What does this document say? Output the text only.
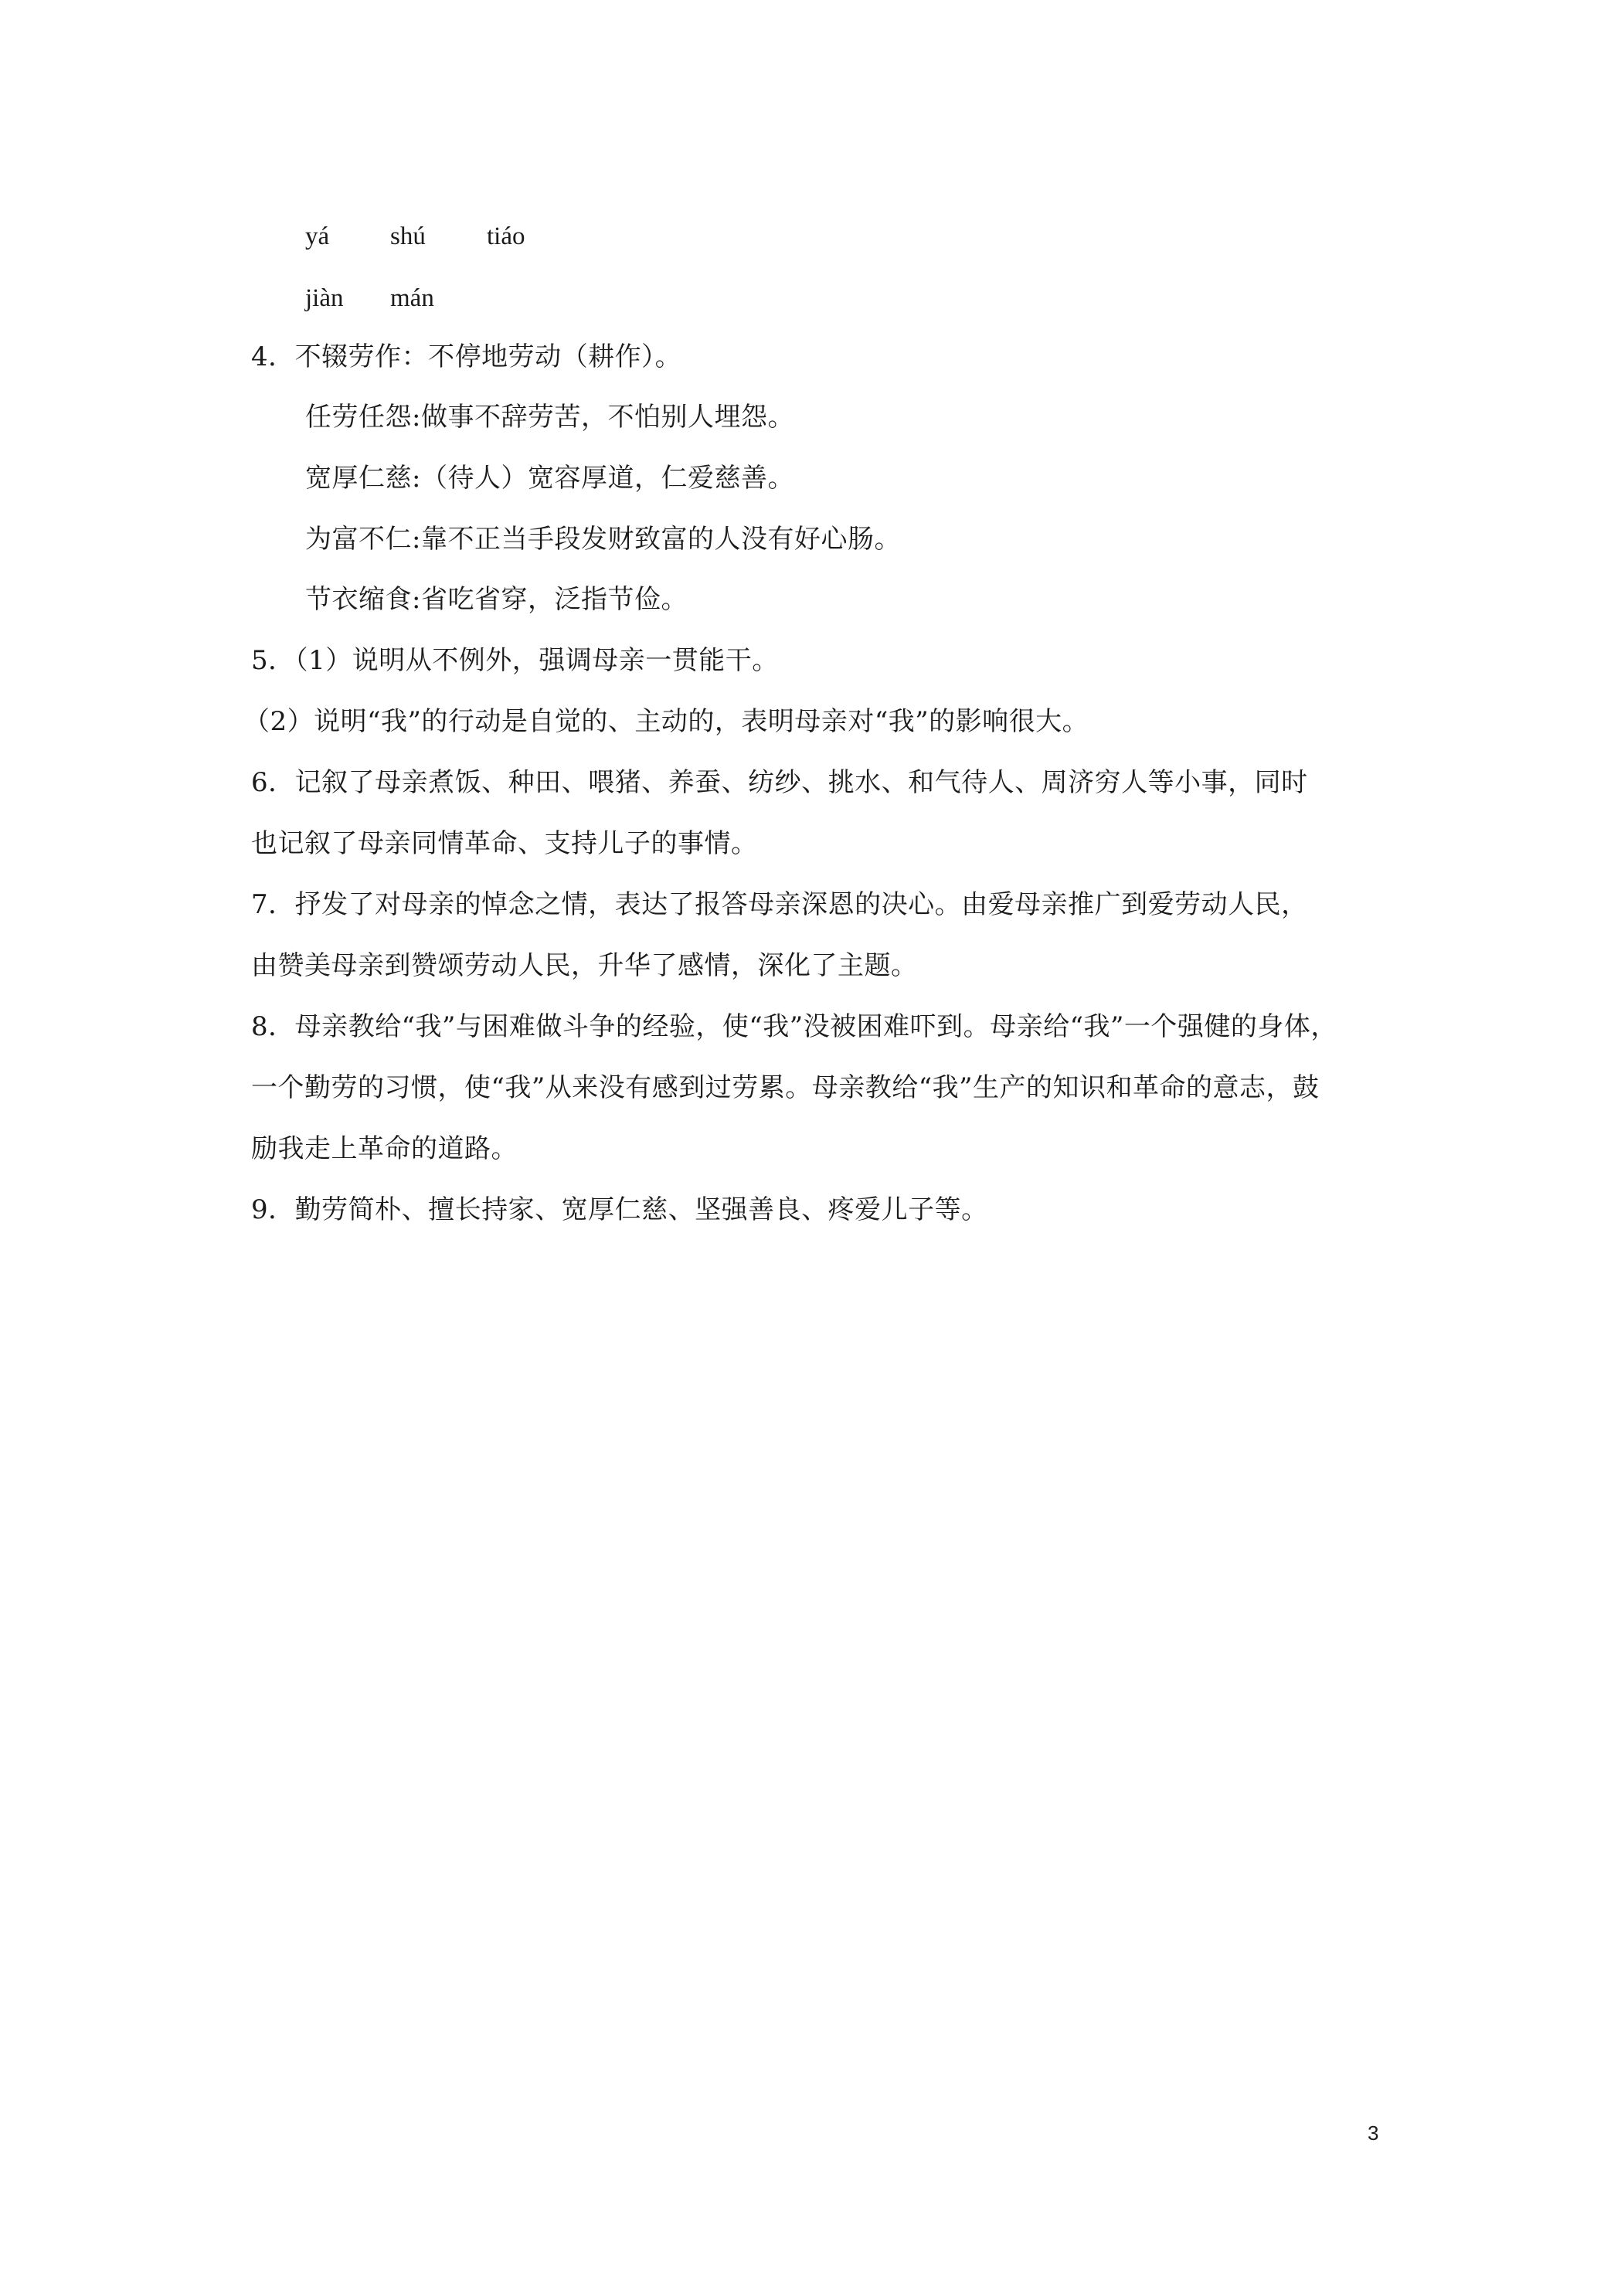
yá shú tiáo
jiàn mán
4．不辍劳作：不停地劳动（耕作）。
任劳任怨:做事不辞劳苦，不怕别人埋怨。
宽厚仁慈:（待人）宽容厚道，仁爱慈善。
为富不仁:靠不正当手段发财致富的人没有好心肠。
节衣缩食:省吃省穿，泛指节俭。
5．（1）说明从不例外，强调母亲一贯能干。
（2）说明“我”的行动是自觉的、主动的，表明母亲对“我”的影响很大。
6．记叙了母亲煮饭、种田、喂猪、养蚕、纺纱、挑水、和气待人、周济穷人等小事，同时
也记叙了母亲同情革命、支持儿子的事情。
7．抒发了对母亲的悼念之情，表达了报答母亲深恩的决心。由爱母亲推广到爱劳动人民，
由赞美母亲到赞颂劳动人民，升华了感情，深化了主题。
8．母亲教给“我”与困难做斗争的经验，使“我”没被困难吓到。母亲给“我”一个强健的身体，
一个勤劳的习惯，使“我”从来没有感到过劳累。母亲教给“我”生产的知识和革命的意志，鼓
励我走上革命的道路。
9．勤劳简朴、擅长持家、宽厚仁慈、坚强善良、疼爱儿子等。
3
